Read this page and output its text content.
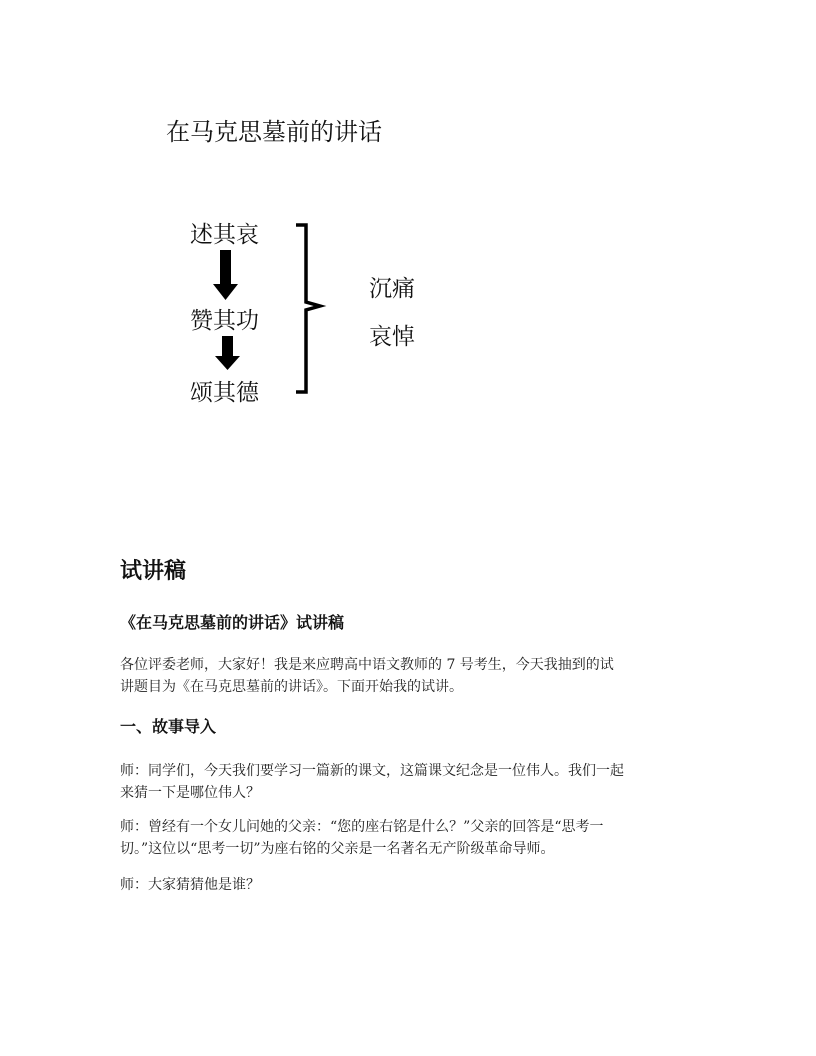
在马克思墓前的讲话
述其哀
赞其功
颂其德
沉痛
哀悼
试讲稿
《在马克思墓前的讲话》试讲稿
各位评委老师，大家好！我是来应聘高中语文教师的 7 号考生，今天我抽到的试
讲题目为《在马克思墓前的讲话》。下面开始我的试讲。
一、故事导入
师：同学们，今天我们要学习一篇新的课文，这篇课文纪念是一位伟人。我们一起
来猜一下是哪位伟人？
师：曾经有一个女儿问她的父亲：“您的座右铭是什么？”父亲的回答是“思考一
切。”这位以“思考一切”为座右铭的父亲是一名著名无产阶级革命导师。
师：大家猜猜他是谁？
